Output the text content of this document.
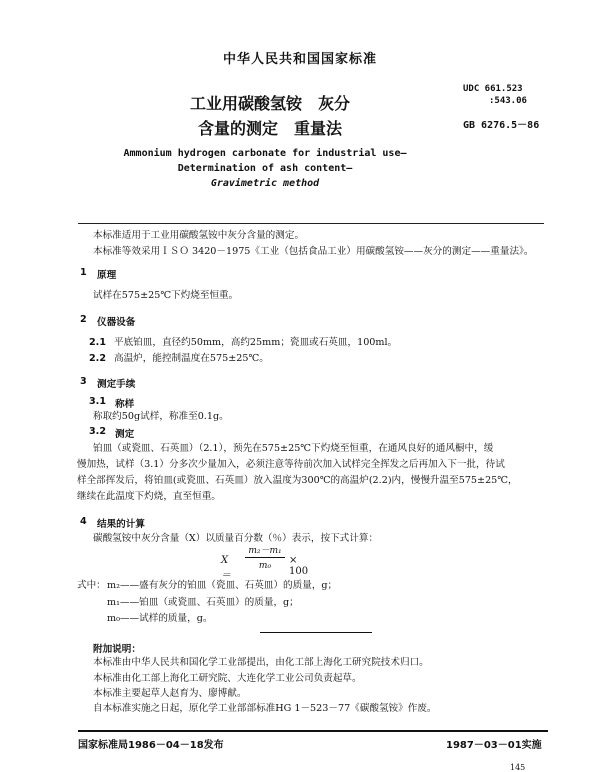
中华人民共和国国家标准
工业用碳酸氢铵　灰分
含量的测定　重量法
UDC 661.523
:543.06
GB 6276.5－86
Ammonium hydrogen carbonate for industrial use—
Determination of ash content—
Gravimetric method
本标准适用于工业用碳酸氢铵中灰分含量的测定。
本标准等效采用ＩＳＯ 3420－1975《工业（包括食品工业）用碳酸氢铵——灰分的测定——重量法》。
1 原理
试样在575±25℃下灼烧至恒重。
2 仪器设备
2.1 平底铂皿，直径约50mm，高约25mm；瓷皿或石英皿，100ml。
2.2 高温炉，能控制温度在575±25℃。
3 测定手续
3.1 称样
称取约50g试样，称准至0.1g。
3.2 测定
铂皿（或瓷皿、石英皿）（2.1），预先在575±25℃下灼烧至恒重，在通风良好的通风橱中，缓
慢加热，试样（3.1）分多次少量加入，必须注意等待前次加入试样完全挥发之后再加入下一批，待试
样全部挥发后，将铂皿(或瓷皿、石英皿）放入温度为300℃的高温炉(2.2)内，慢慢升温至575±25℃，
继续在此温度下灼烧，直至恒重。
4 结果的计算
碳酸氢铵中灰分含量（X）以质量百分数（％）表示，按下式计算：
X＝
m₂－m₁
m₀	× 100
式中： m₂——盛有灰分的铂皿（瓷皿、石英皿）的质量，g；
m₁——铂皿（或瓷皿、石英皿）的质量，g；
m₀——试样的质量，g。
附加说明：
本标准由中华人民共和国化学工业部提出，由化工部上海化工研究院技术归口。
本标准由化工部上海化工研究院、大连化学工业公司负责起草。
本标准主要起草人赵育为、廖博献。
自本标准实施之日起，原化学工业部部标准HG 1－523－77《碳酸氢铵》作废。
国家标准局1986－04－18发布	1987－03－01实施
145
